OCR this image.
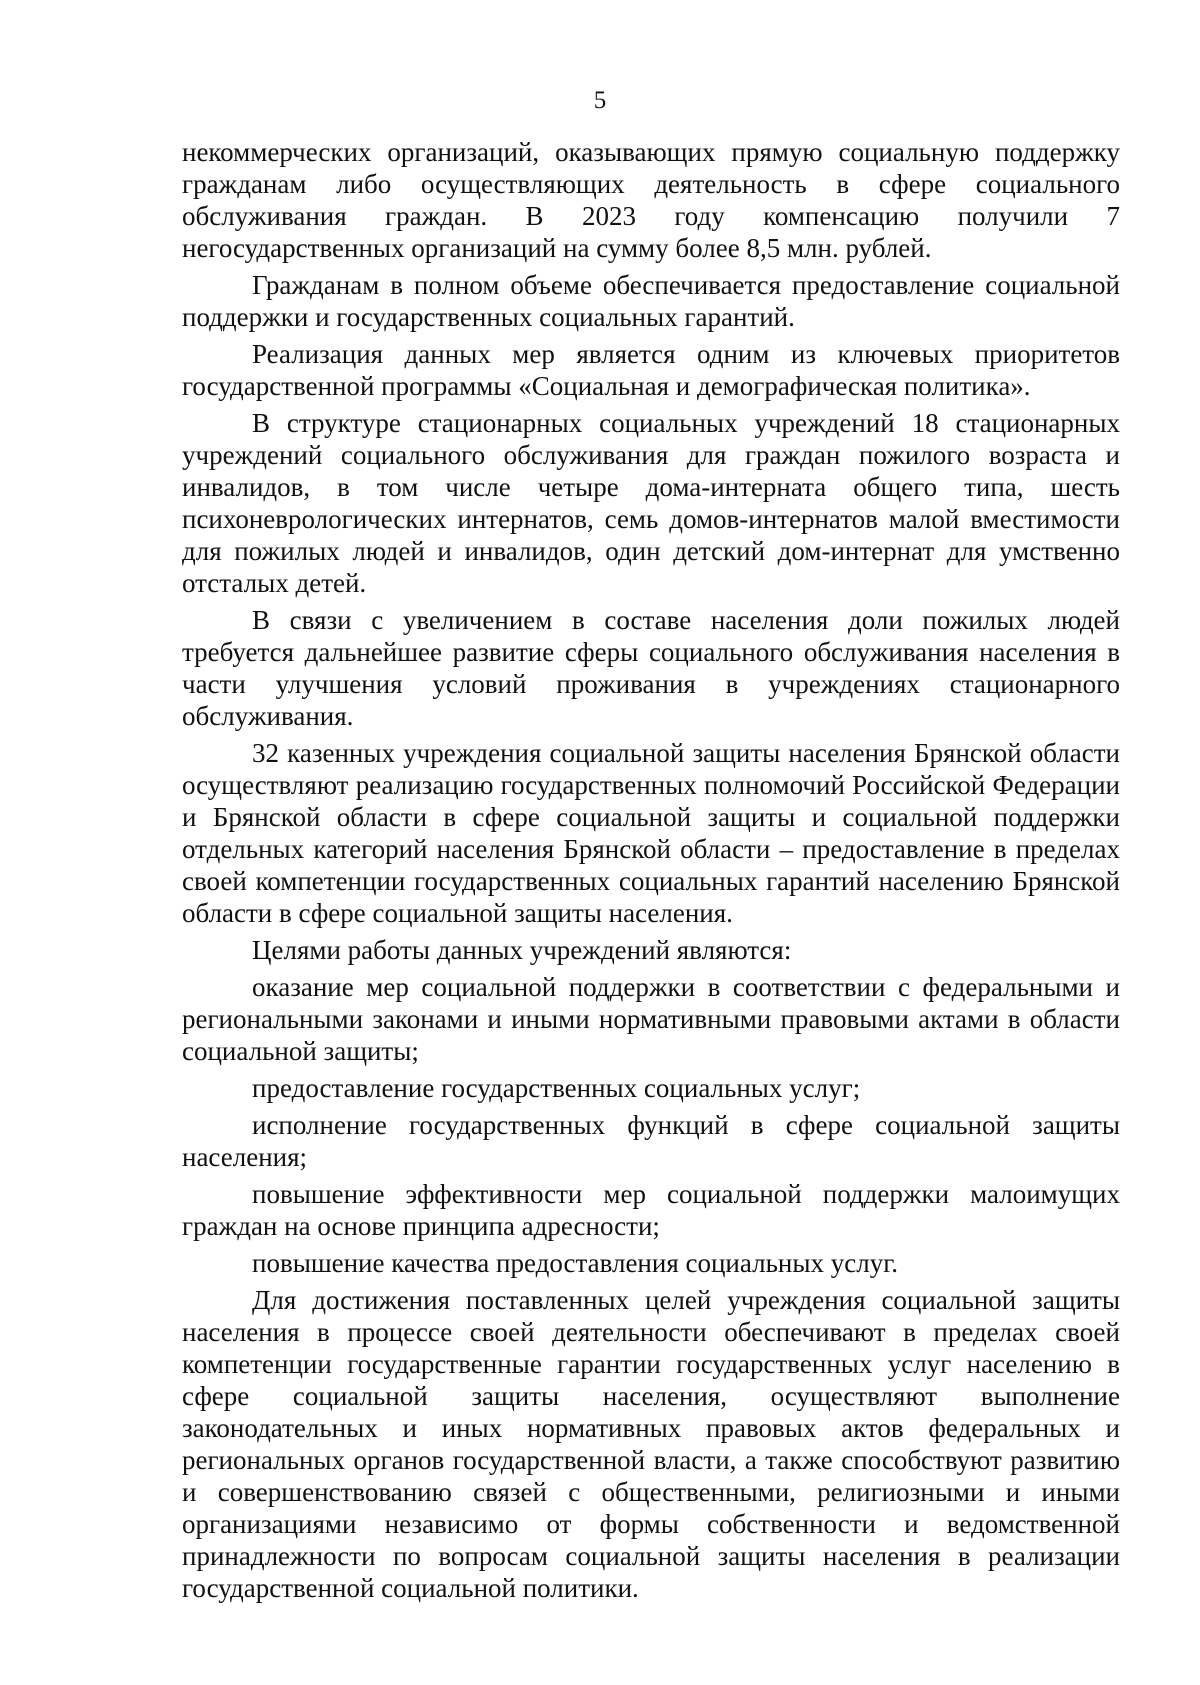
5

некоммерческих организаций, оказывающих прямую социальную поддержку гражданам либо осуществляющих деятельность в сфере социального обслуживания граждан. В 2023 году компенсацию получили 7 негосударственных организаций на сумму более 8,5 млн. рублей.

Гражданам в полном объеме обеспечивается предоставление социальной поддержки и государственных социальных гарантий.

Реализация данных мер является одним из ключевых приоритетов государственной программы «Социальная и демографическая политика».

В структуре стационарных социальных учреждений 18 стационарных учреждений социального обслуживания для граждан пожилого возраста и инвалидов, в том числе четыре дома-интерната общего типа, шесть психоневрологических интернатов, семь домов-интернатов малой вместимости для пожилых людей и инвалидов, один детский дом-интернат для умственно отсталых детей.

В связи с увеличением в составе населения доли пожилых людей требуется дальнейшее развитие сферы социального обслуживания населения в части улучшения условий проживания в учреждениях стационарного обслуживания.

32 казенных учреждения социальной защиты населения Брянской области осуществляют реализацию государственных полномочий Российской Федерации и Брянской области в сфере социальной защиты и социальной поддержки отдельных категорий населения Брянской области – предоставление в пределах своей компетенции государственных социальных гарантий населению Брянской области в сфере социальной защиты населения.

Целями работы данных учреждений являются:

оказание мер социальной поддержки в соответствии с федеральными и региональными законами и иными нормативными правовыми актами в области социальной защиты;

предоставление государственных социальных услуг;

исполнение государственных функций в сфере социальной защиты населения;

повышение эффективности мер социальной поддержки малоимущих граждан на основе принципа адресности;

повышение качества предоставления социальных услуг.

Для достижения поставленных целей учреждения социальной защиты населения в процессе своей деятельности обеспечивают в пределах своей компетенции государственные гарантии государственных услуг населению в сфере социальной защиты населения, осуществляют выполнение законодательных и иных нормативных правовых актов федеральных и региональных органов государственной власти, а также способствуют развитию и совершенствованию связей с общественными, религиозными и иными организациями независимо от формы собственности и ведомственной принадлежности по вопросам социальной защиты населения в реализации государственной социальной политики.
